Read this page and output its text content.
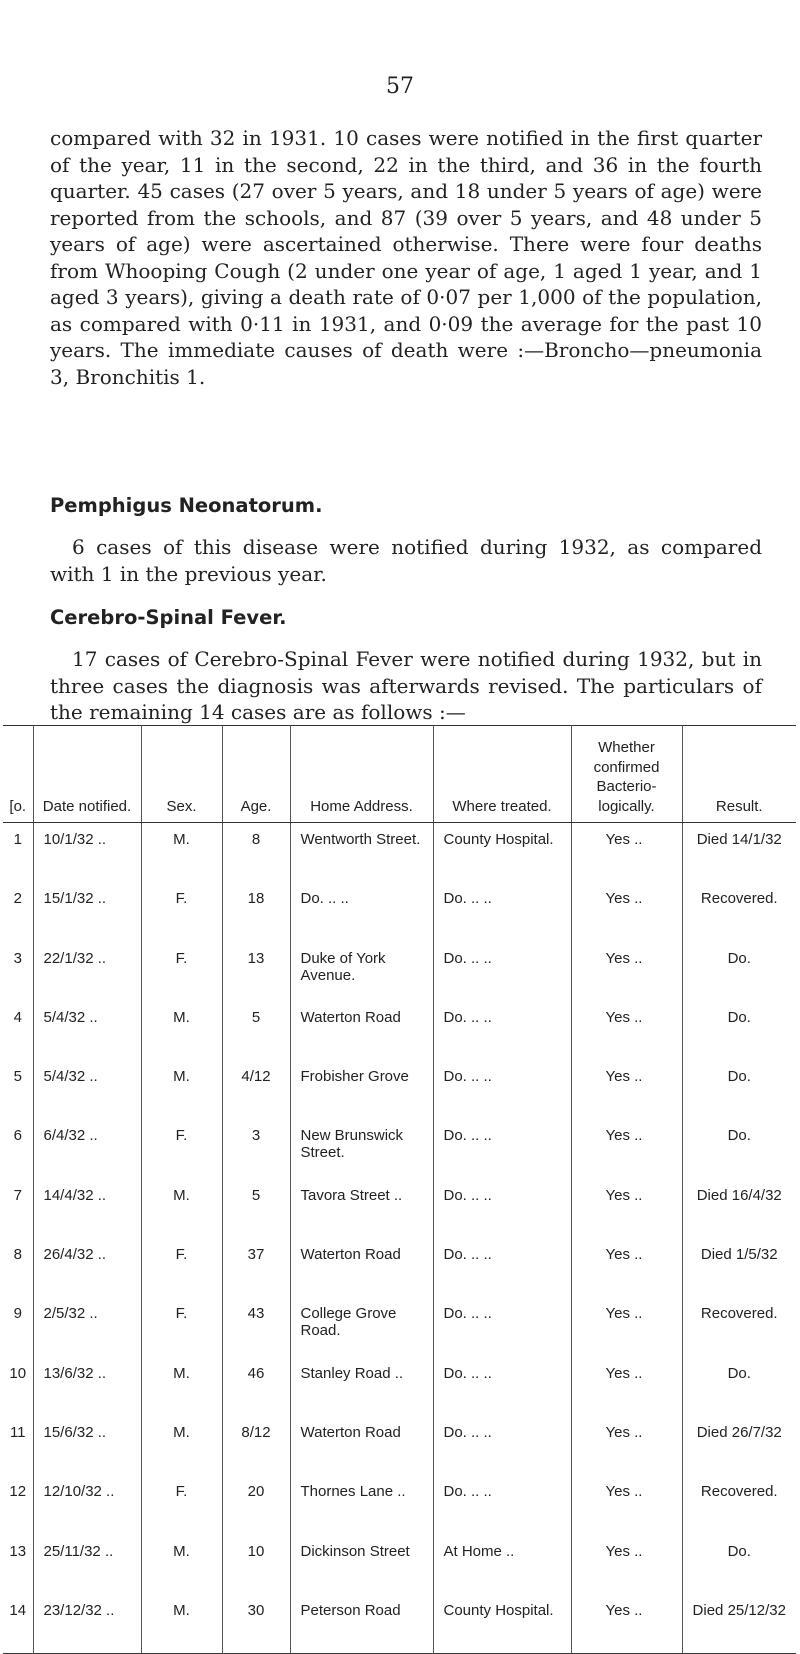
57

compared with 32 in 1931. 10 cases were notified in the first quarter of the year, 11 in the second, 22 in the third, and 36 in the fourth quarter. 45 cases (27 over 5 years, and 18 under 5 years of age) were reported from the schools, and 87 (39 over 5 years, and 48 under 5 years of age) were ascertained otherwise. There were four deaths from Whooping Cough (2 under one year of age, 1 aged 1 year, and 1 aged 3 years), giving a death rate of 0·07 per 1,000 of the population, as compared with 0·11 in 1931, and 0·09 the average for the past 10 years. The immediate causes of death were :—Broncho—pneumonia 3, Bronchitis 1.

Pemphigus Neonatorum.

6 cases of this disease were notified during 1932, as compared with 1 in the previous year.

Cerebro-Spinal Fever.

17 cases of Cerebro-Spinal Fever were notified during 1932, but in three cases the diagnosis was afterwards revised. The particulars of the remaining 14 cases are as follows :—

[o.	Date notified.	Sex.	Age.	Home Address.	Where treated.	Whether confirmed Bacterio- logically.	Result.
1	10/1/32 ..	M.	8	Wentworth Street.	County Hospital.	Yes ..	Died 14/1/32
2	15/1/32 ..	F.	18	Do. .. ..	Do. .. ..	Yes ..	Recovered.
3	22/1/32 ..	F.	13	Duke of York Avenue.	Do. .. ..	Yes ..	Do.
4	5/4/32 ..	M.	5	Waterton Road	Do. .. ..	Yes ..	Do.
5	5/4/32 ..	M.	4/12	Frobisher Grove	Do. .. ..	Yes ..	Do.
6	6/4/32 ..	F.	3	New Brunswick Street.	Do. .. ..	Yes ..	Do.
7	14/4/32 ..	M.	5	Tavora Street ..	Do. .. ..	Yes ..	Died 16/4/32
8	26/4/32 ..	F.	37	Waterton Road	Do. .. ..	Yes ..	Died 1/5/32
9	2/5/32 ..	F.	43	College Grove Road.	Do. .. ..	Yes ..	Recovered.
10	13/6/32 ..	M.	46	Stanley Road ..	Do. .. ..	Yes ..	Do.
11	15/6/32 ..	M.	8/12	Waterton Road	Do. .. ..	Yes ..	Died 26/7/32
12	12/10/32 ..	F.	20	Thornes Lane ..	Do. .. ..	Yes ..	Recovered.
13	25/11/32 ..	M.	10	Dickinson Street	At Home ..	Yes ..	Do.
14	23/12/32 ..	M.	30	Peterson Road	County Hospital.	Yes ..	Died 25/12/32
